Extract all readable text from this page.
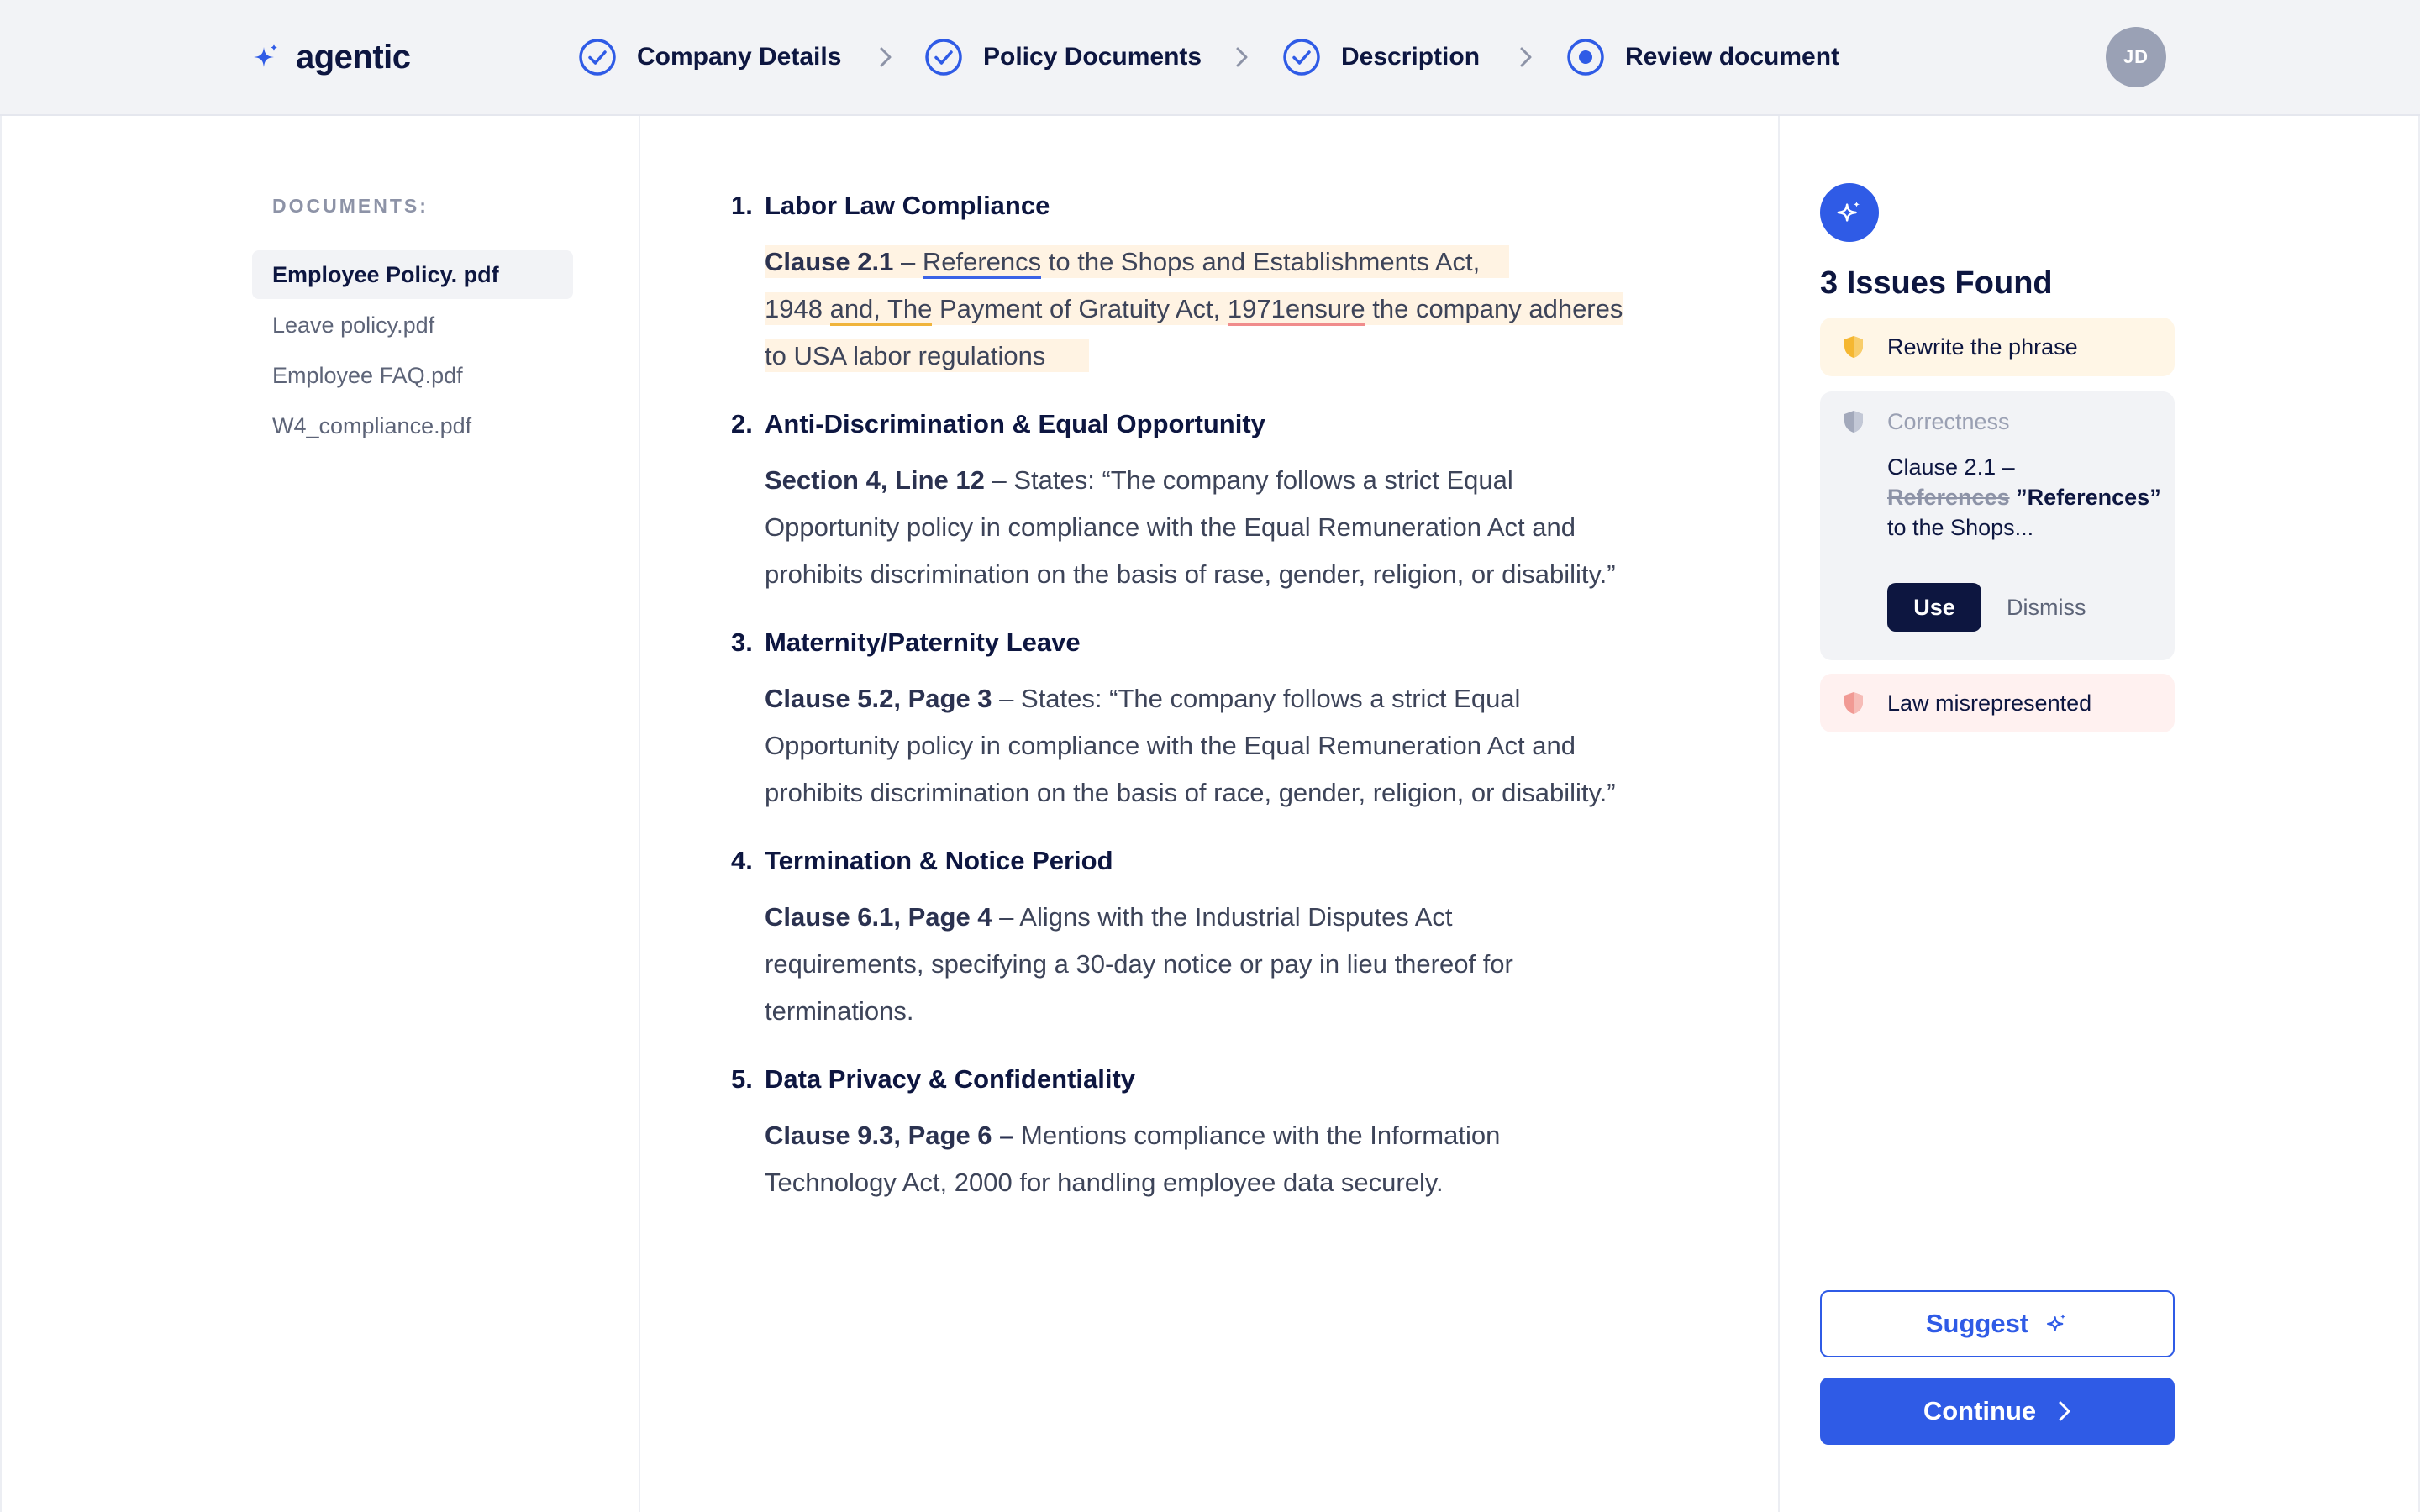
agentic	Company Details	Policy Documents	Description	Review document	JD
DOCUMENTS:
Employee Policy. pdf
Leave policy.pdf
Employee FAQ.pdf
W4_compliance.pdf
1. Labor Law Compliance
Clause 2.1 – Referencs to the Shops and Establishments Act,
1948 and, The Payment of Gratuity Act, 1971ensure the company adheres
to USA labor regulations
2. Anti-Discrimination & Equal Opportunity
Section 4, Line 12 – States: “The company follows a strict Equal Opportunity policy in compliance with the Equal Remuneration Act and prohibits discrimination on the basis of rase, gender, religion, or disability.”
3. Maternity/Paternity Leave
Clause 5.2, Page 3 – States: “The company follows a strict Equal Opportunity policy in compliance with the Equal Remuneration Act and prohibits discrimination on the basis of race, gender, religion, or disability.”
4. Termination & Notice Period
Clause 6.1, Page 4 – Aligns with the Industrial Disputes Act requirements, specifying a 30-day notice or pay in lieu thereof for terminations.
5. Data Privacy & Confidentiality
Clause 9.3, Page 6 – Mentions compliance with the Information Technology Act, 2000 for handling employee data securely.
3 Issues Found
Rewrite the phrase
Correctness
Clause 2.1 –
References ”References”
to the Shops...
Use	Dismiss
Law misrepresented
Suggest
Continue
